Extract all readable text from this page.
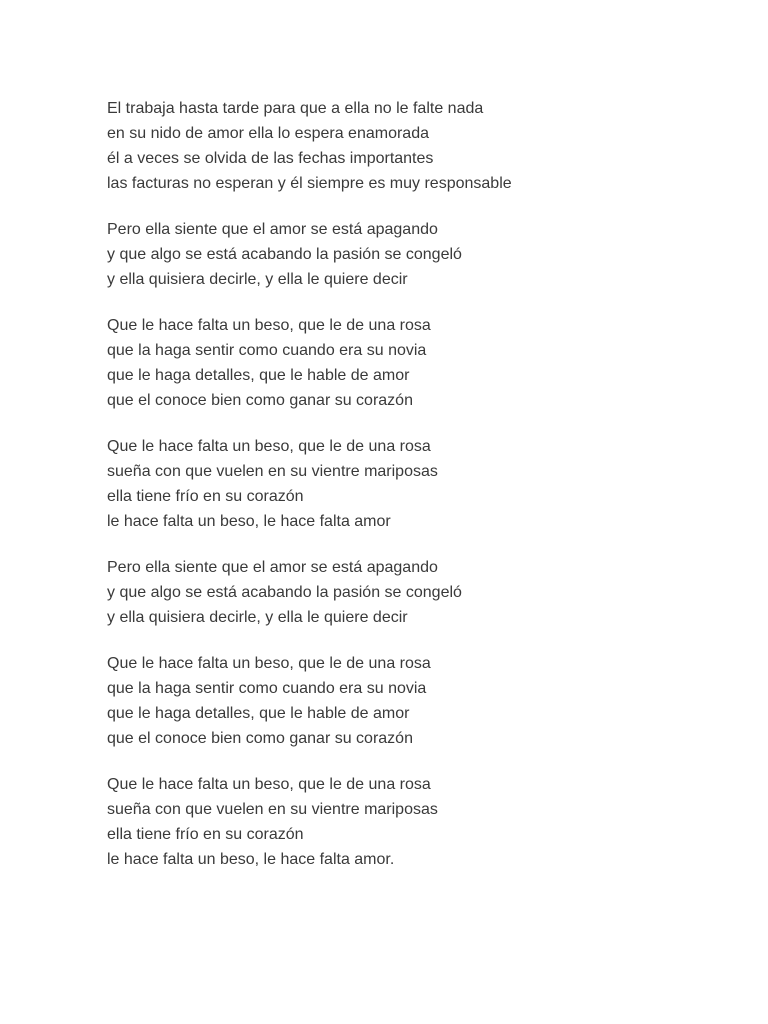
El trabaja hasta tarde para que a ella no le falte nada
en su nido de amor ella lo espera enamorada
él a veces se olvida de las fechas importantes
las facturas no esperan y él siempre es muy responsable
Pero ella siente que el amor se está apagando
y que algo se está acabando la pasión se congeló
y ella quisiera decirle, y ella le quiere decir
Que le hace falta un beso, que le de una rosa
que la haga sentir como cuando era su novia
que le haga detalles, que le hable de amor
que el conoce bien como ganar su corazón
Que le hace falta un beso, que le de una rosa
sueña con que vuelen en su vientre mariposas
ella tiene frío en su corazón
le hace falta un beso, le hace falta amor
Pero ella siente que el amor se está apagando
y que algo se está acabando la pasión se congeló
y ella quisiera decirle, y ella le quiere decir
Que le hace falta un beso, que le de una rosa
que la haga sentir como cuando era su novia
que le haga detalles, que le hable de amor
que el conoce bien como ganar su corazón
Que le hace falta un beso, que le de una rosa
sueña con que vuelen en su vientre mariposas
ella tiene frío en su corazón
le hace falta un beso, le hace falta amor.
